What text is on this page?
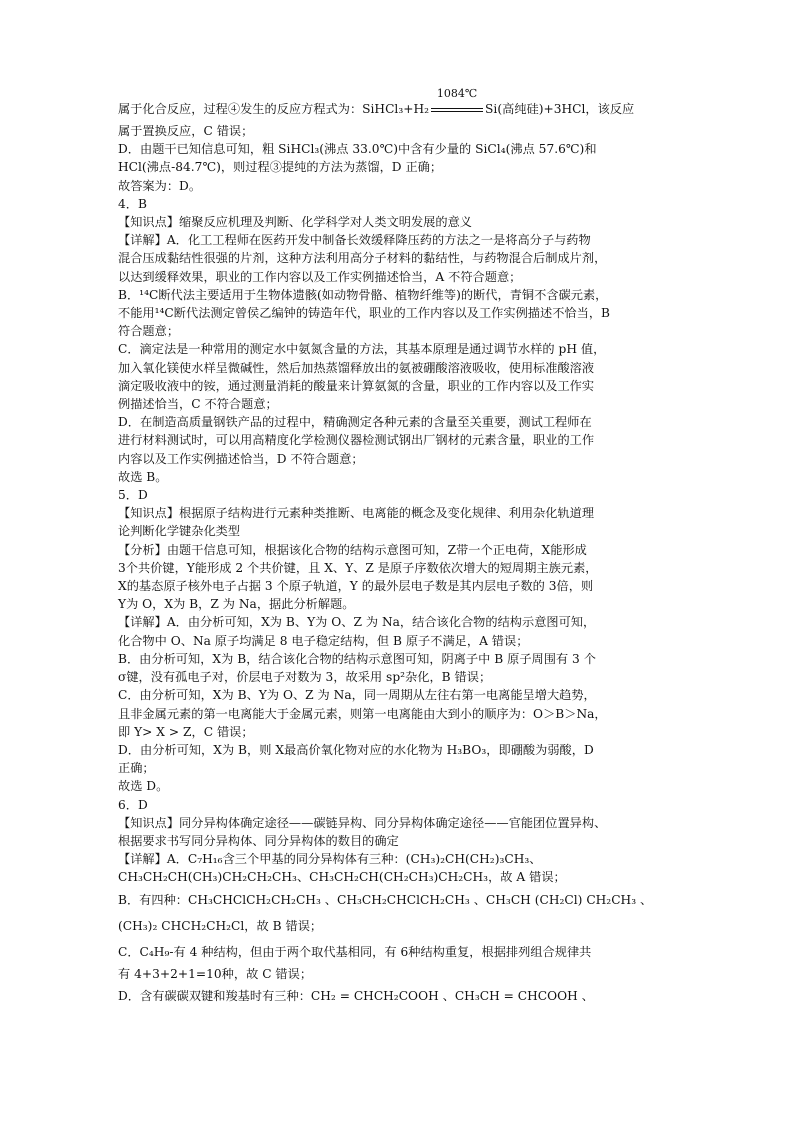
属于化合反应，过程④发生的反应方程式为：SiHCl₃+H₂
1084℃
Si(高纯硅)+3HCl，该反应
属于置换反应，C 错误；
D．由题干已知信息可知，粗 SiHCl₃(沸点 33.0℃)中含有少量的 SiCl₄(沸点 57.6℃)和
HCl(沸点-84.7℃)，则过程③提纯的方法为蒸馏，D 正确；
故答案为：D。
4．B
【知识点】缩聚反应机理及判断、化学科学对人类文明发展的意义
【详解】A．化工工程师在医药开发中制备长效缓释降压药的方法之一是将高分子与药物
混合压成黏结性很强的片剂，这种方法利用高分子材料的黏结性，与药物混合后制成片剂，
以达到缓释效果，职业的工作内容以及工作实例描述恰当，A 不符合题意；
B．¹⁴C断代法主要适用于生物体遗骸(如动物骨骼、植物纤维等)的断代，青铜不含碳元素，
不能用¹⁴C断代法测定曾侯乙编钟的铸造年代，职业的工作内容以及工作实例描述不恰当，B
符合题意；
C．滴定法是一种常用的测定水中氨氮含量的方法，其基本原理是通过调节水样的 pH 值，
加入氧化镁使水样呈微碱性，然后加热蒸馏释放出的氨被硼酸溶液吸收，使用标准酸溶液
滴定吸收液中的铵，通过测量消耗的酸量来计算氨氮的含量，职业的工作内容以及工作实
例描述恰当，C 不符合题意；
D．在制造高质量钢铁产品的过程中，精确测定各种元素的含量至关重要，测试工程师在
进行材料测试时，可以用高精度化学检测仪器检测试钢出厂钢材的元素含量，职业的工作
内容以及工作实例描述恰当，D 不符合题意；
故选 B。
5．D
【知识点】根据原子结构进行元素种类推断、电离能的概念及变化规律、利用杂化轨道理
论判断化学键杂化类型
【分析】由题干信息可知，根据该化合物的结构示意图可知，Z带一个正电荷，X能形成
3个共价键，Y能形成 2 个共价键，且 X、Y、Z 是原子序数依次增大的短周期主族元素，
X的基态原子核外电子占据 3 个原子轨道，Y 的最外层电子数是其内层电子数的 3倍，则
Y为 O，X为 B，Z 为 Na，据此分析解题。
【详解】A．由分析可知，X为 B、Y为 O、Z 为 Na，结合该化合物的结构示意图可知，
化合物中 O、Na 原子均满足 8 电子稳定结构，但 B 原子不满足，A 错误；
B．由分析可知，X为 B，结合该化合物的结构示意图可知，阴离子中 B 原子周围有 3 个
σ键，没有孤电子对，价层电子对数为 3，故采用 sp²杂化，B 错误；
C．由分析可知，X为 B、Y为 O、Z 为 Na，同一周期从左往右第一电离能呈增大趋势，
且非金属元素的第一电离能大于金属元素，则第一电离能由大到小的顺序为：O＞B＞Na，
即 Y> X > Z，C 错误；
D．由分析可知，X为 B，则 X最高价氧化物对应的水化物为 H₃BO₃，即硼酸为弱酸，D
正确；
故选 D。
6．D
【知识点】同分异构体确定途径——碳链异构、同分异构体确定途径——官能团位置异构、
根据要求书写同分异构体、同分异构体的数目的确定
【详解】A．C₇H₁₆含三个甲基的同分异构体有三种：(CH₃)₂CH(CH₂)₃CH₃、
CH₃CH₂CH(CH₃)CH₂CH₂CH₃、CH₃CH₂CH(CH₂CH₃)CH₂CH₃，故 A 错误；
B．有四种：CH₃CHClCH₂CH₂CH₃ 、CH₃CH₂CHClCH₂CH₃ 、CH₃CH (CH₂Cl) CH₂CH₃ 、
(CH₃)₂ CHCH₂CH₂Cl，故 B 错误；
C．C₄H₉-有 4 种结构，但由于两个取代基相同，有 6种结构重复，根据排列组合规律共
有 4+3+2+1=10种，故 C 错误；
D．含有碳碳双键和羧基时有三种：CH₂ = CHCH₂COOH 、CH₃CH = CHCOOH 、
